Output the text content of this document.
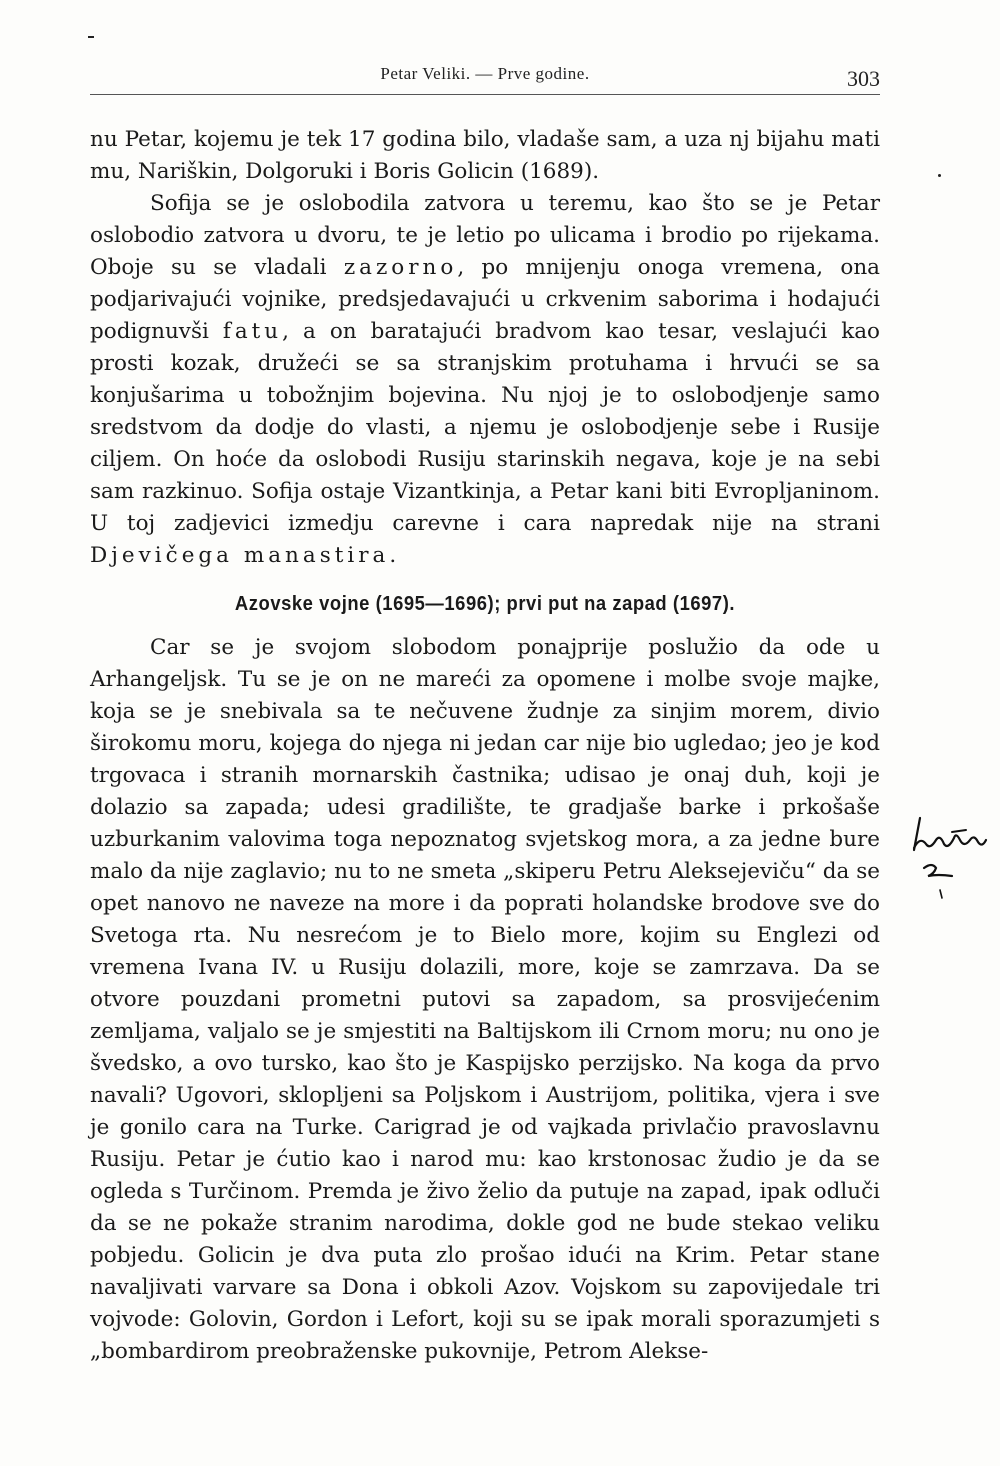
Petar Veliki. — Prve godine.	303

nu Petar, kojemu je tek 17 godina bilo, vladaše sam, a uza nj bijahu mati mu, Nariškin, Dolgoruki i Boris Golicin (1689).

Sofija se je oslobodila zatvora u teremu, kao što se je Petar oslobodio zatvora u dvoru, te je letio po ulicama i brodio po rijekama. Oboje su se vladali zazorno, po mnijenju onoga vremena, ona podjarivajući vojnike, predsjedavajući u crkvenim saborima i hodajući podignuvši fatu, a on baratajući bradvom kao tesar, veslajući kao prosti kozak, družeći se sa stranjskim protuhama i hrvući se sa konjušarima u tobožnjim bojevina. Nu njoj je to oslobodjenje samo sredstvom da dodje do vlasti, a njemu je oslobodjenje sebe i Rusije ciljem. On hoće da oslobodi Rusiju starinskih negava, koje je na sebi sam razkinuo. Sofija ostaje Vizantkinja, a Petar kani biti Evropljaninom. U toj zadjevici izmedju carevne i cara napredak nije na strani Djevičega manastira.

Azovske vojne (1695—1696); prvi put na zapad (1697).

Car se je svojom slobodom ponajprije poslužio da ode u Arhangeljsk. Tu se je on ne mareći za opomene i molbe svoje majke, koja se je snebivala sa te nečuvene žudnje za sinjim morem, divio širokomu moru, kojega do njega ni jedan car nije bio ugledao; jeo je kod trgovaca i stranih mornarskih častnika; udisao je onaj duh, koji je dolazio sa zapada; udesi gradilište, te gradjaše barke i prkošaše uzburkanim valovima toga nepoznatog svjetskog mora, a za jedne bure malo da nije zaglavio; nu to ne smeta „skiperu Petru Aleksejeviču“ da se opet nanovo ne naveze na more i da poprati holandske brodove sve do Svetoga rta. Nu nesrećom je to Bielo more, kojim su Englezi od vremena Ivana IV. u Rusiju dolazili, more, koje se zamrzava. Da se otvore pouzdani prometni putovi sa zapadom, sa prosvijećenim zemljama, valjalo se je smjestiti na Baltijskom ili Crnom moru; nu ono je švedsko, a ovo tursko, kao što je Kaspijsko perzijsko. Na koga da prvo navali? Ugovori, sklopljeni sa Poljskom i Austrijom, politika, vjera i sve je gonilo cara na Turke. Carigrad je od vajkada privlačio pravoslavnu Rusiju. Petar je ćutio kao i narod mu: kao krstonosac žudio je da se ogleda s Turčinom. Premda je živo želio da putuje na zapad, ipak odluči da se ne pokaže stranim narodima, dokle god ne bude stekao veliku pobjedu. Golicin je dva puta zlo prošao idući na Krim. Petar stane navaljivati varvare sa Dona i obkoli Azov. Vojskom su zapovijedale tri vojvode: Golovin, Gordon i Lefort, koji su se ipak morali sporazumjeti s „bombardirom preobraženske pukovnije, Petrom Alekse-
